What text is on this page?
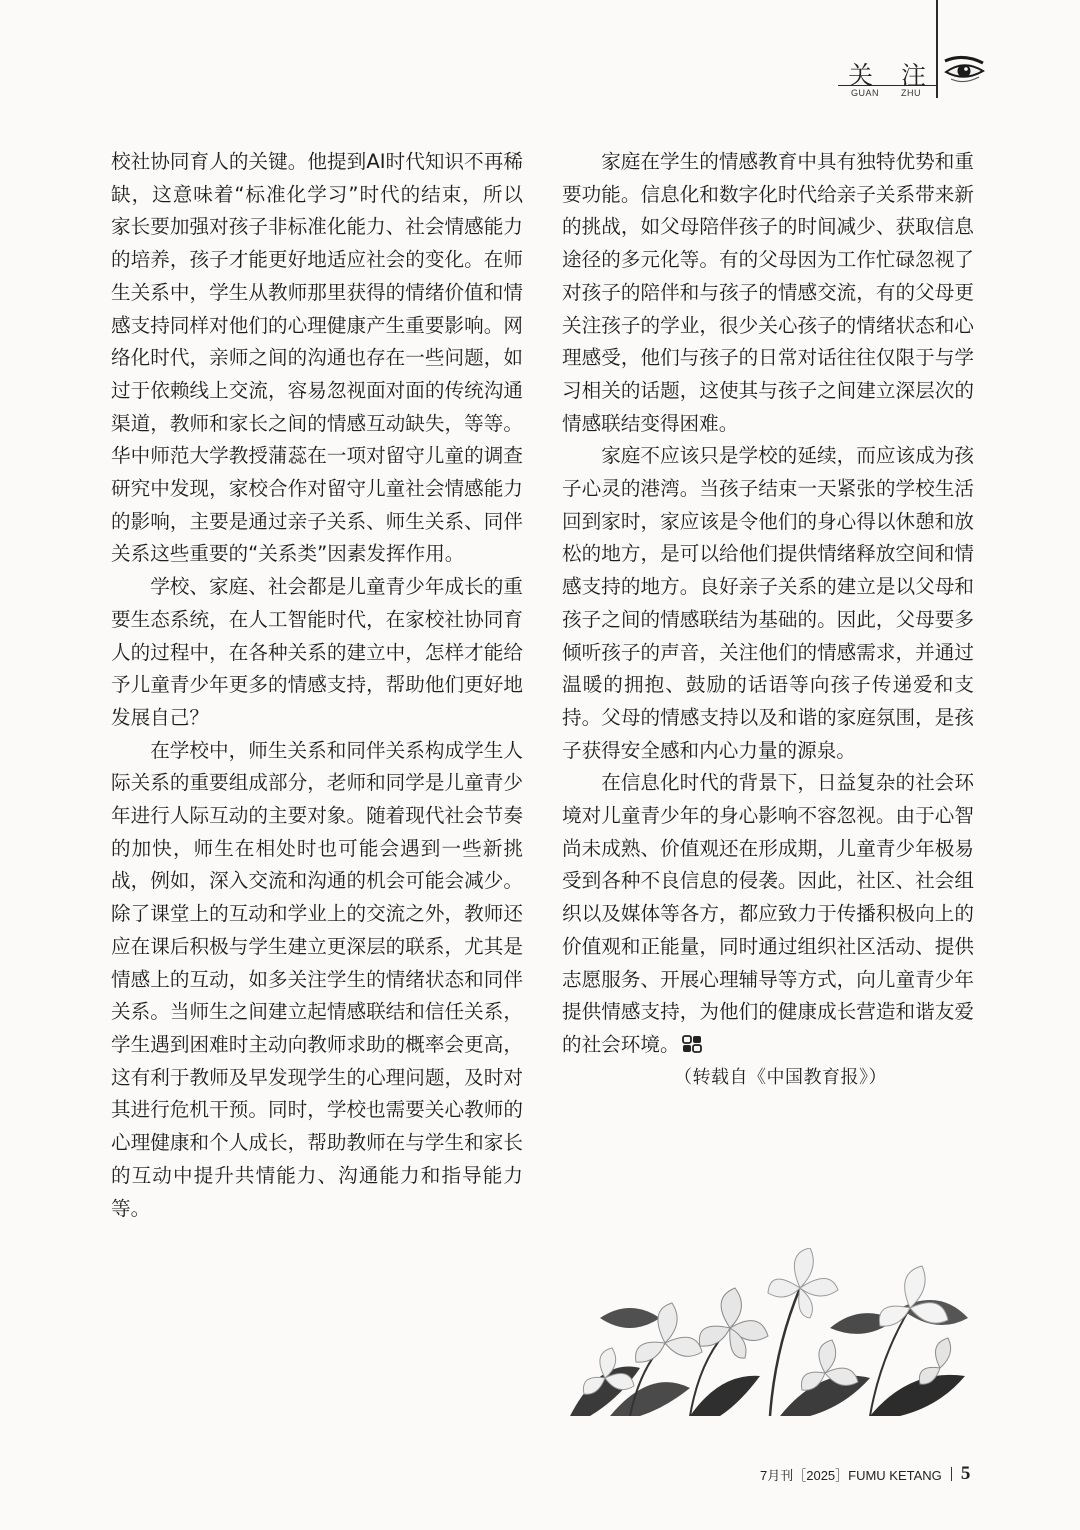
关 注
GUAN ZHU

校社协同育人的关键。他提到AI时代知识不再稀缺，这意味着“标准化学习”时代的结束，所以家长要加强对孩子非标准化能力、社会情感能力的培养，孩子才能更好地适应社会的变化。在师生关系中，学生从教师那里获得的情绪价值和情感支持同样对他们的心理健康产生重要影响。网络化时代，亲师之间的沟通也存在一些问题，如过于依赖线上交流，容易忽视面对面的传统沟通渠道，教师和家长之间的情感互动缺失，等等。华中师范大学教授蒲蕊在一项对留守儿童的调查研究中发现，家校合作对留守儿童社会情感能力的影响，主要是通过亲子关系、师生关系、同伴关系这些重要的“关系类”因素发挥作用。

学校、家庭、社会都是儿童青少年成长的重要生态系统，在人工智能时代，在家校社协同育人的过程中，在各种关系的建立中，怎样才能给予儿童青少年更多的情感支持，帮助他们更好地发展自己？

在学校中，师生关系和同伴关系构成学生人际关系的重要组成部分，老师和同学是儿童青少年进行人际互动的主要对象。随着现代社会节奏的加快，师生在相处时也可能会遇到一些新挑战，例如，深入交流和沟通的机会可能会减少。除了课堂上的互动和学业上的交流之外，教师还应在课后积极与学生建立更深层的联系，尤其是情感上的互动，如多关注学生的情绪状态和同伴关系。当师生之间建立起情感联结和信任关系，学生遇到困难时主动向教师求助的概率会更高，这有利于教师及早发现学生的心理问题，及时对其进行危机干预。同时，学校也需要关心教师的心理健康和个人成长，帮助教师在与学生和家长的互动中提升共情能力、沟通能力和指导能力等。

家庭在学生的情感教育中具有独特优势和重要功能。信息化和数字化时代给亲子关系带来新的挑战，如父母陪伴孩子的时间减少、获取信息途径的多元化等。有的父母因为工作忙碌忽视了对孩子的陪伴和与孩子的情感交流，有的父母更关注孩子的学业，很少关心孩子的情绪状态和心理感受，他们与孩子的日常对话往往仅限于与学习相关的话题，这使其与孩子之间建立深层次的情感联结变得困难。

家庭不应该只是学校的延续，而应该成为孩子心灵的港湾。当孩子结束一天紧张的学校生活回到家时，家应该是令他们的身心得以休憩和放松的地方，是可以给他们提供情绪释放空间和情感支持的地方。良好亲子关系的建立是以父母和孩子之间的情感联结为基础的。因此，父母要多倾听孩子的声音，关注他们的情感需求，并通过温暖的拥抱、鼓励的话语等向孩子传递爱和支持。父母的情感支持以及和谐的家庭氛围，是孩子获得安全感和内心力量的源泉。

在信息化时代的背景下，日益复杂的社会环境对儿童青少年的身心影响不容忽视。由于心智尚未成熟、价值观还在形成期，儿童青少年极易受到各种不良信息的侵袭。因此，社区、社会组织以及媒体等各方，都应致力于传播积极向上的价值观和正能量，同时通过组织社区活动、提供志愿服务、开展心理辅导等方式，向儿童青少年提供情感支持，为他们的健康成长营造和谐友爱的社会环境。

（转载自《中国教育报》）

7月刊［2025］FUMU KETANG 5
